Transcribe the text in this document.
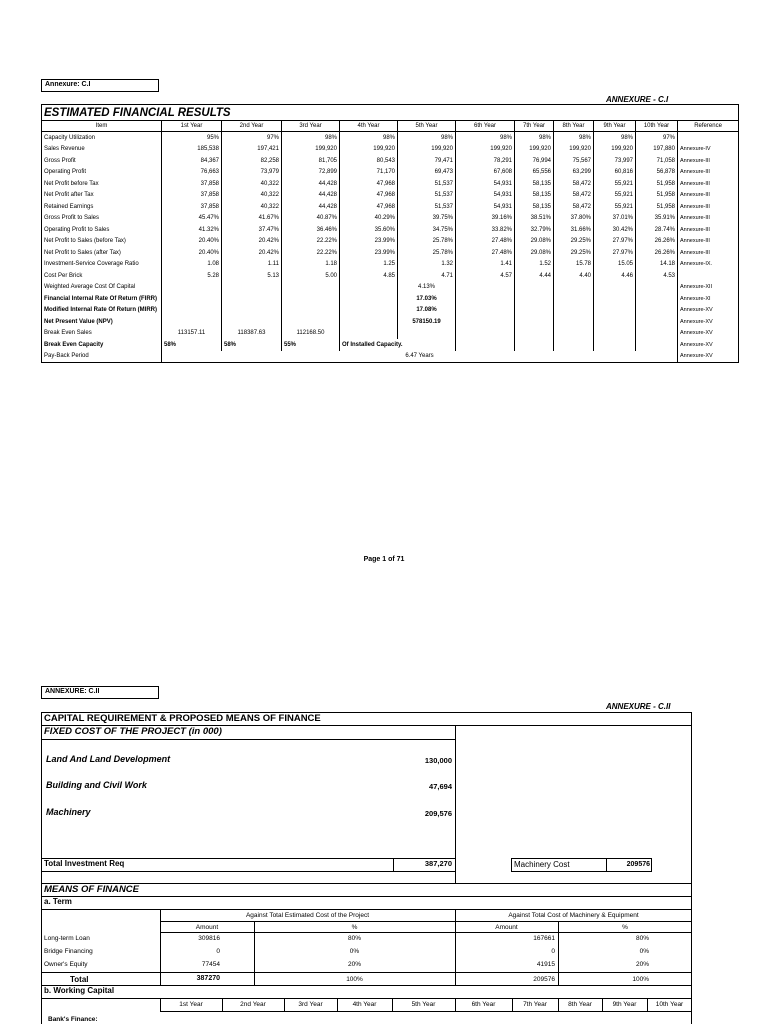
Annexure: C.I
ANNEXURE - C.I
ESTIMATED FINANCIAL RESULTS											
Item	1st Year	2nd Year	3rd Year	4th Year	5th Year	6th Year	7th Year	8th Year	9th Year	10th Year	Reference
Capacity Utilization	95%	97%	98%	98%	98%	98%	98%	98%	98%	97%	
Sales Revenue	185,538	197,421	199,920	199,920	199,920	199,920	199,920	199,920	199,920	197,880	Annexure-IV
Gross Profit	84,367	82,258	81,705	80,543	79,471	78,291	76,994	75,567	73,997	71,058	Annexure-III
Operating Profit	76,663	73,979	72,899	71,170	69,473	67,608	65,556	63,299	60,816	56,878	Annexure-III
Net Profit before Tax	37,858	40,322	44,428	47,968	51,537	54,931	58,135	58,472	55,921	51,958	Annexure-III
Net Profit after Tax	37,858	40,322	44,428	47,968	51,537	54,931	58,135	58,472	55,921	51,958	Annexure-III
Retained Earnings	37,858	40,322	44,428	47,968	51,537	54,931	58,135	58,472	55,921	51,958	Annexure-III
Gross Profit to Sales	45.47%	41.67%	40.87%	40.29%	39.75%	39.16%	38.51%	37.80%	37.01%	35.91%	Annexure-III
Operating Profit to Sales	41.32%	37.47%	36.46%	35.60%	34.75%	33.82%	32.79%	31.66%	30.42%	28.74%	Annexure-III
Net Profit to Sales (before Tax)	20.40%	20.42%	22.22%	23.99%	25.78%	27.48%	29.08%	29.25%	27.97%	26.26%	Annexure-III
Net Profit to Sales (after Tax)	20.40%	20.42%	22.22%	23.99%	25.78%	27.48%	29.08%	29.25%	27.97%	26.26%	Annexure-III
Investment-Service Coverage Ratio	1.08	1.11	1.18	1.25	1.32	1.41	1.52	15.78	15.05	14.18	Annexure-IX.
Cost Per Brick	5.28	5.13	5.00	4.85	4.71	4.57	4.44	4.40	4.46	4.53	
Weighted Average Cost Of Capital					4.13%						Annexure-XII
Financial Internal Rate Of Return (FIRR)					17.03%						Annexure-XI
Modified Internal Rate Of Return (MIRR)					17.08%						Annexure-XV
Net Present Value (NPV)					578150.19						Annexure-XV
Break Even Sales	113157.11	118387.63	112168.50								Annexure-XV
Break Even Capacity	58%	58%	55%	Of Installed Capacity.							Annexure-XV
Pay-Back Period	6.47 Years										Annexure-XV
Page 1 of 71
ANNEXURE: C.II
ANNEXURE - C.II
CAPITAL REQUIREMENT & PROPOSED MEANS OF FINANCE
FIXED COST OF THE PROJECT (in 000)
Land And Land Development	130,000
Building and Civil Work	47,694
Machinery	209,576
Total Investment Req	387,270	Machinery Cost	209576
MEANS OF FINANCE
a. Term
Against Total Estimated Cost of the Project	Against Total Cost of Machinery & Equipment
Amount	%	Amount	%
Long-term Loan	309816	80%	167661	80%
Bridge Financing	0	0%	0	0%
Owner's Equity	77454	20%	41915	20%
Total	387270	100%	209576	100%
b. Working Capital
1st Year	2nd Year	3rd Year	4th Year	5th Year	6th Year	7th Year	8th Year	9th Year	10th Year
Bank's Finance:
